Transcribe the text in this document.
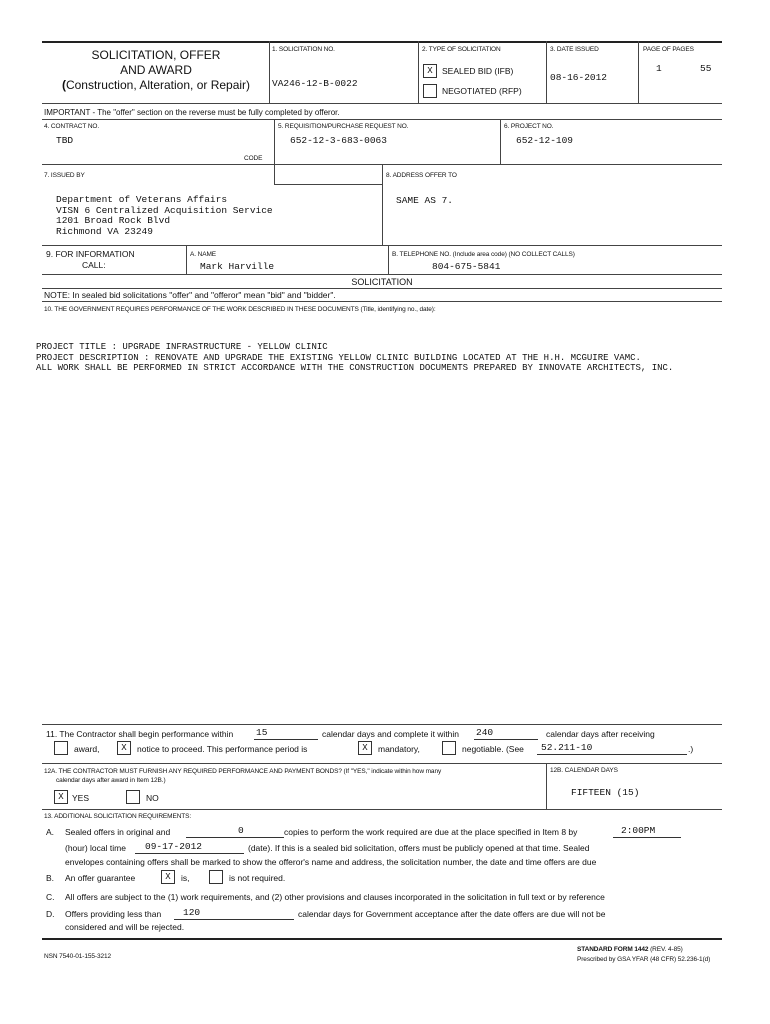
SOLICITATION, OFFER
AND AWARD
(Construction, Alteration, or Repair)
1. SOLICITATION NO.
VA246-12-B-0022
2. TYPE OF SOLICITATION
X	SEALED BID (IFB)
NEGOTIATED (RFP)
3. DATE ISSUED
08-16-2012
PAGE OF PAGES
1	55
IMPORTANT - The "offer" section on the reverse must be fully completed by offeror.
4. CONTRACT NO.
TBD
CODE
5. REQUISITION/PURCHASE REQUEST NO.
652-12-3-683-0063
6. PROJECT NO.
652-12-109
7. ISSUED BY	8. ADDRESS OFFER TO
Department of Veterans Affairs
VISN 6 Centralized Acquisition Service
1201 Broad Rock Blvd
Richmond VA 23249
SAME AS 7.
9. FOR INFORMATION
CALL:
A. NAME
Mark Harville
B. TELEPHONE NO. (Include area code) (NO COLLECT CALLS)
804-675-5841
SOLICITATION
NOTE: In sealed bid solicitations "offer" and "offeror" mean "bid" and "bidder".
10. THE GOVERNMENT REQUIRES PERFORMANCE OF THE WORK DESCRIBED IN THESE DOCUMENTS (Title, identifying no., date):
PROJECT TITLE : UPGRADE INFRASTRUCTURE - YELLOW CLINIC
PROJECT DESCRIPTION : RENOVATE AND UPGRADE THE EXISTING YELLOW CLINIC BUILDING LOCATED AT THE H.H. MCGUIRE VAMC.
ALL WORK SHALL BE PERFORMED IN STRICT ACCORDANCE WITH THE CONSTRUCTION DOCUMENTS PREPARED BY INNOVATE ARCHITECTS, INC.
11. The Contractor shall begin performance within 15	calendar days and complete it within 240	calendar days after receiving
award,	X	notice to proceed. This performance period is	X	mandatory,	negotiable. (See 52.211-10	.)
12A. THE CONTRACTOR MUST FURNISH ANY REQUIRED PERFORMANCE AND PAYMENT BONDS? (If "YES," indicate within how many
calendar days after award in Item 12B.)
X YES	NO
12B. CALENDAR DAYS
FIFTEEN (15)
13. ADDITIONAL SOLICITATION REQUIREMENTS:
A. Sealed offers in original and	0	copies to perform the work required are due at the place specified in Item 8 by	2:00PM
(hour) local time 09-17-2012	(date). If this is a sealed bid solicitation, offers must be publicly opened at that time. Sealed
envelopes containing offers shall be marked to show the offeror's name and address, the solicitation number, the date and time offers are due
B. An offer guarantee	X	is,	is not required.
C. All offers are subject to the (1) work requirements, and (2) other provisions and clauses incorporated in the solicitation in full text or by reference
D. Offers providing less than 120	calendar days for Government acceptance after the date offers are due will not be
considered and will be rejected.
NSN 7540-01-155-3212
STANDARD FORM 1442 (REV. 4-85)
Prescribed by GSA YFAR (48 CFR) 52.236-1(d)
